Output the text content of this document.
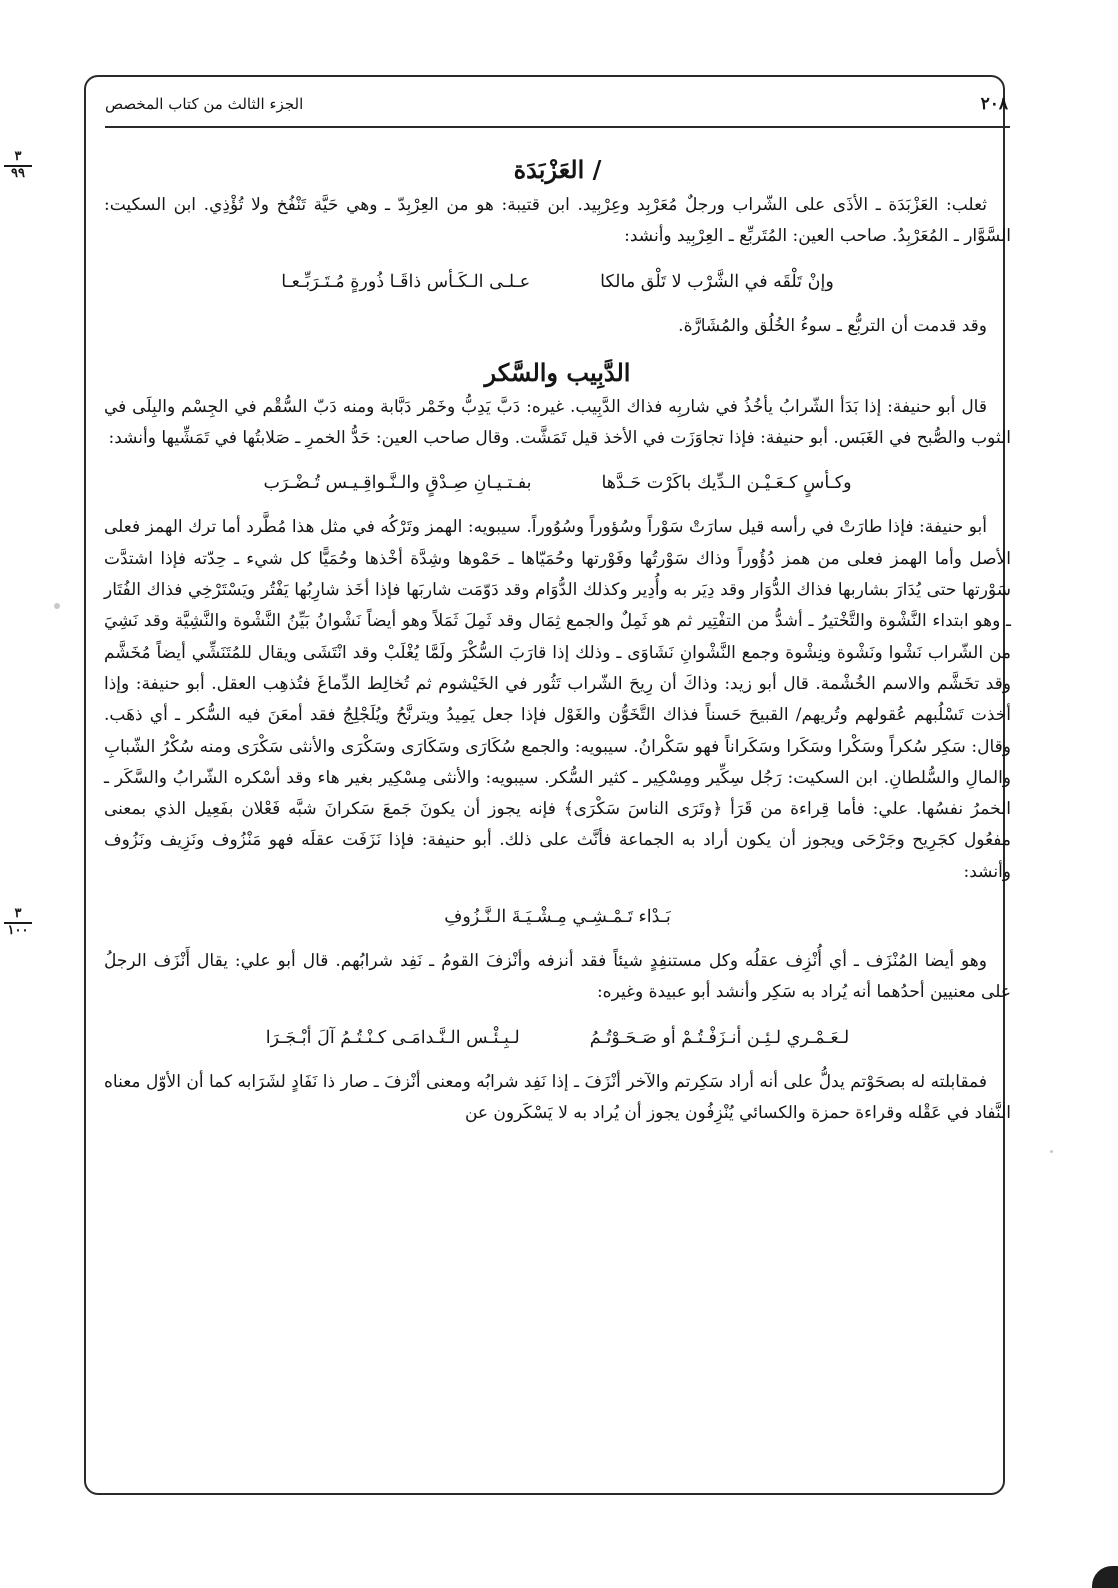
٢٠٨
الجزء الثالث من كتاب المخصص
٣
٩٩
٣
١٠٠
/ العَزْبَدَة

ثعلب: العَزْبَدَة ـ الأذَى على الشّراب ورجلٌ مُعَرْبِد وعِرْبِيد. ابن قتيبة: هو من العِرْبِدّ ـ وهي حَيَّة تَنْفُخ ولا تُؤْذِي. ابن السكيت: السَّوَّار ـ المُعَرْبِدُ. صاحب العين: المُتَربِّع ـ العِرْبِيد وأنشد:

وإنْ تَلْقَه في الشَّرْب لا تَلْق مالكا
عـلـى الـكَـأس ذاقَـا ذُورةٍ مُـتَـرَبِّـعـا

وقد قدمت أن التربُّع ـ سوءُ الخُلُق والمُشَارَّة.

الدَّبِيب والسَّكر

قال أبو حنيفة: إذا بَدَأ الشّرابُ يأخُذُ في شاربِه فذاك الدَّبِيب. غيره: دَبَّ يَدِبُّ وخَمْر دَبَّابة ومنه دَبّ السُّقْم في الجِسْم والبِلَى في الثوب والصُّبح في الغَبَس. أبو حنيفة: فإذا تجاوَزَت في الأخذ قيل تَمَشَّت. وقال صاحب العين: حَدُّ الخمرِ ـ صَلابتُها في تَمَشِّيها وأنشد:

وكـأسٍ كـعَـيْـن الـدِّيك باكَرْت حَـدَّها
بفـتـيـانِ صِـدْقٍ والـنَّـواقِـيـس تُـضْـرَب

أبو حنيفة: فإذا طارَتْ في رأسه قيل سارَتْ سَوْراً وسُؤوراً وسُوُوراً. سيبويه: الهمز وتَرْكُه في مثل هذا مُطَّرد أما ترك الهمز فعلى الأصل وأما الهمز فعلى من همز دُؤُوراً وذاك سَوْرتُها وفَوْرتها وحُمَيّاها ـ حَمْوها وشِدَّة أخْذها وحُمَيًّا كل شيء ـ حِدّته فإذا اشتدَّت سَوْرتها حتى يُدَارَ بشاربها فذاك الدُّوَار وقد دِيَر به وأُدِير وكذلك الدُّوَام وقد دَوّمَت شاربَها فإذا أخَذ شارِبُها يَفْتُر ويَسْتَرْخِي فذاك الفُتَار ـ وهو ابتداء النَّشْوة والتَّخْتيرُ ـ أشدُّ من التفْتِير ثم هو ثَمِلٌ والجمع ثِمَال وقد ثَمِلَ ثَمَلاً وهو أيضاً نَشْوانُ بَيِّنُ النَّشْوة والنَّشِيَّة وقد نَشِيَ من الشّراب نَشْوا ونَشْوة ونِشْوة وجمع النَّشْوانِ نَشَاوَى ـ وذلك إذا قارَبَ السُّكْرَ ولَمَّا يُغْلَبْ وقد انْتَشَى ويقال للمُتَنَشِّي أيضاً مُخَشَّم وقد تخَشَّم والاسم الخُشْمة. قال أبو زيد: وذاكَ أن رِيحَ الشّراب تَثُور في الخَيْشوم ثم تُخالِط الدِّماغَ فتُذهِب العقل. أبو حنيفة: وإذا أخذت تَسْلُبهم عُقولهم وتُريهم/ القبيحَ حَسناً فذاك التَّخَوُّن والغَوْل فإذا جعل يَمِيدُ ويترنَّحُ ويُلَجْلِجُ فقد أمعَنَ فيه السُّكر ـ أي ذهَب. وقال: سَكِر سُكراً وسَكْرا وسَكَرا وسَكَراناً فهو سَكْرانُ. سيبويه: والجمع سُكَارَى وسَكَارَى وسَكْرَى والأنثى سَكْرَى ومنه سُكْرُ الشّبابِ والمالِ والسُّلطانِ. ابن السكيت: رَجُل سِكِّير ومِسْكِير ـ كثير السُّكر. سيبويه: والأنثى مِسْكِير بغير هاء وقد أسْكره الشّرابُ والسَّكَر ـ الخمرُ نفسُها. علي: فأما قِراءة من قَرَأ ﴿وتَرَى الناسَ سَكْرَى﴾ فإنه يجوز أن يكونَ جَمعَ سَكرانَ شبَّه فَعْلان بفَعِيل الذي بمعنى مفعُول كجَرِيح وجَرْحَى ويجوز أن يكون أراد به الجماعة فأنَّث على ذلك. أبو حنيفة: فإذا نَزَفَت عقلَه فهو مَنْزُوف ونَزِيف ونَزُوف وأنشد:

بَـدْاء تَـمْـشِـي مِـشْـيَـةَ الـنَّـزُوفِ

وهو أيضا المُنْزَف ـ أي أُنْزِف عقلُه وكل مستنفِدٍ شيئاً فقد أنزفه وأنْزفَ القومُ ـ نَفِد شرابُهم. قال أبو علي: يقال أَنْزَف الرجلُ على معنيين أحدُهما أنه يُراد به سَكِر وأنشد أبو عبيدة وغيره:

لـعَـمْـري لـئِـن أنـزَفْـتُـمْ أو صَـحَـوْتُـمُ
لـبِـئْـس الـنَّـدامَـى كـنْـتُـمُ آلَ أبْـجَـرَا

فمقابلته له بصحَوْتم يدلُّ على أنه أراد سَكِرتم والآخر أنْزَفَ ـ إذا نَفِد شرابُه ومعنى أنْزفَ ـ صار ذا نَفَادٍ لشَرَابه كما أن الأوّل معناه النَّفاد في عَقْله وقراءة حمزة والكسائي يُنْزِفُون يجوز أن يُراد به لا يَسْكَرون عن
